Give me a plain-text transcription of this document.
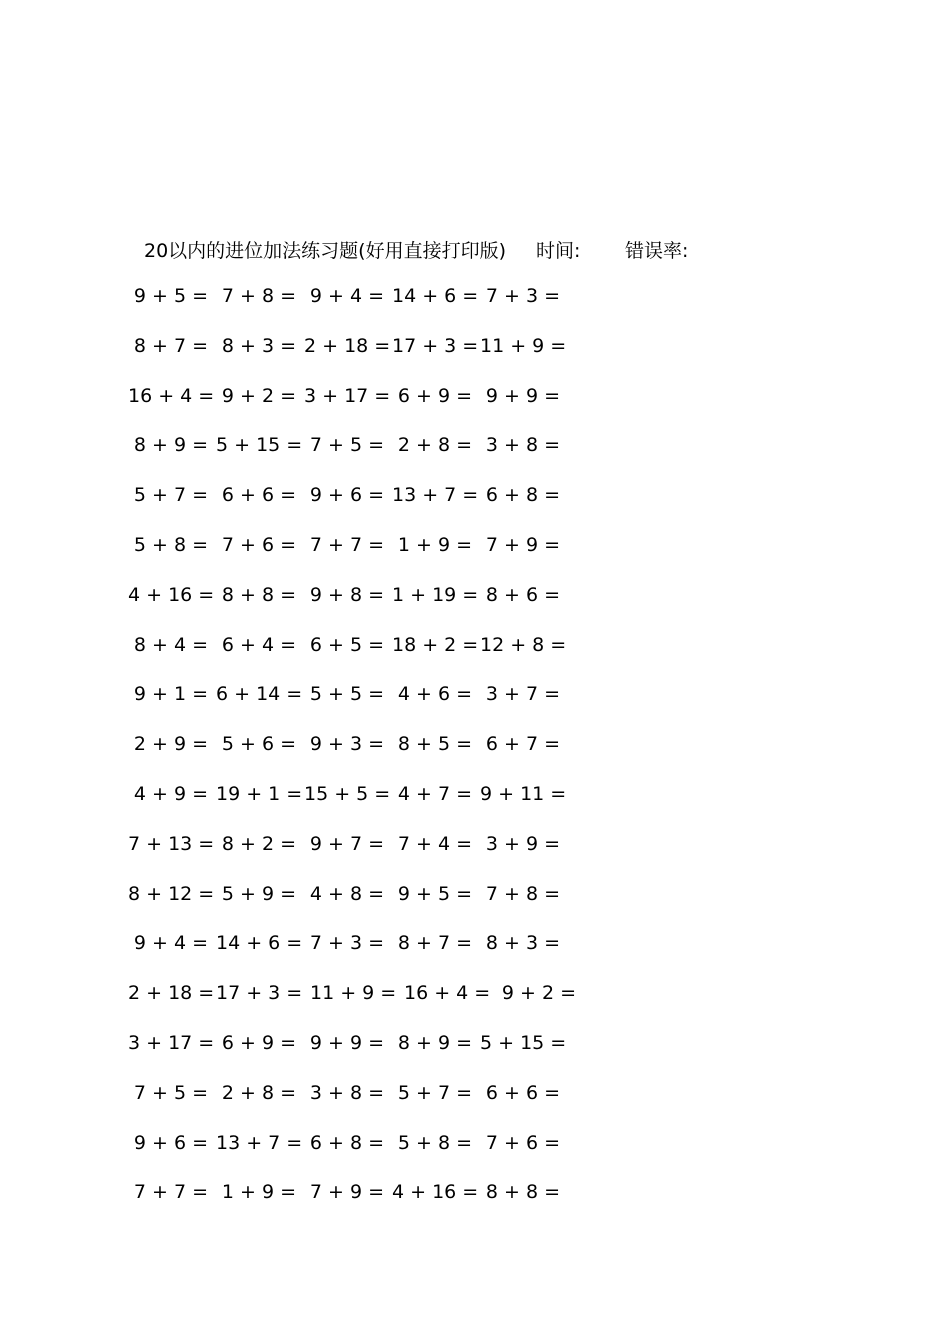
20以内的进位加法练习题(好用直接打印版) 时间: 错误率:
9 + 5 = 7 + 8 = 9 + 4 = 14 + 6 = 7 + 3 =
8 + 7 = 8 + 3 = 2 + 18 = 17 + 3 = 11 + 9 =
16 + 4 = 9 + 2 = 3 + 17 = 6 + 9 = 9 + 9 =
8 + 9 = 5 + 15 = 7 + 5 = 2 + 8 = 3 + 8 =
5 + 7 = 6 + 6 = 9 + 6 = 13 + 7 = 6 + 8 =
5 + 8 = 7 + 6 = 7 + 7 = 1 + 9 = 7 + 9 =
4 + 16 = 8 + 8 = 9 + 8 = 1 + 19 = 8 + 6 =
8 + 4 = 6 + 4 = 6 + 5 = 18 + 2 = 12 + 8 =
9 + 1 = 6 + 14 = 5 + 5 = 4 + 6 = 3 + 7 =
2 + 9 = 5 + 6 = 9 + 3 = 8 + 5 = 6 + 7 =
4 + 9 = 19 + 1 = 15 + 5 = 4 + 7 = 9 + 11 =
7 + 13 = 8 + 2 = 9 + 7 = 7 + 4 = 3 + 9 =
8 + 12 = 5 + 9 = 4 + 8 = 9 + 5 = 7 + 8 =
9 + 4 = 14 + 6 = 7 + 3 = 8 + 7 = 8 + 3 =
2 + 18 = 17 + 3 = 11 + 9 = 16 + 4 = 9 + 2 =
3 + 17 = 6 + 9 = 9 + 9 = 8 + 9 = 5 + 15 =
7 + 5 = 2 + 8 = 3 + 8 = 5 + 7 = 6 + 6 =
9 + 6 = 13 + 7 = 6 + 8 = 5 + 8 = 7 + 6 =
7 + 7 = 1 + 9 = 7 + 9 = 4 + 16 = 8 + 8 =
